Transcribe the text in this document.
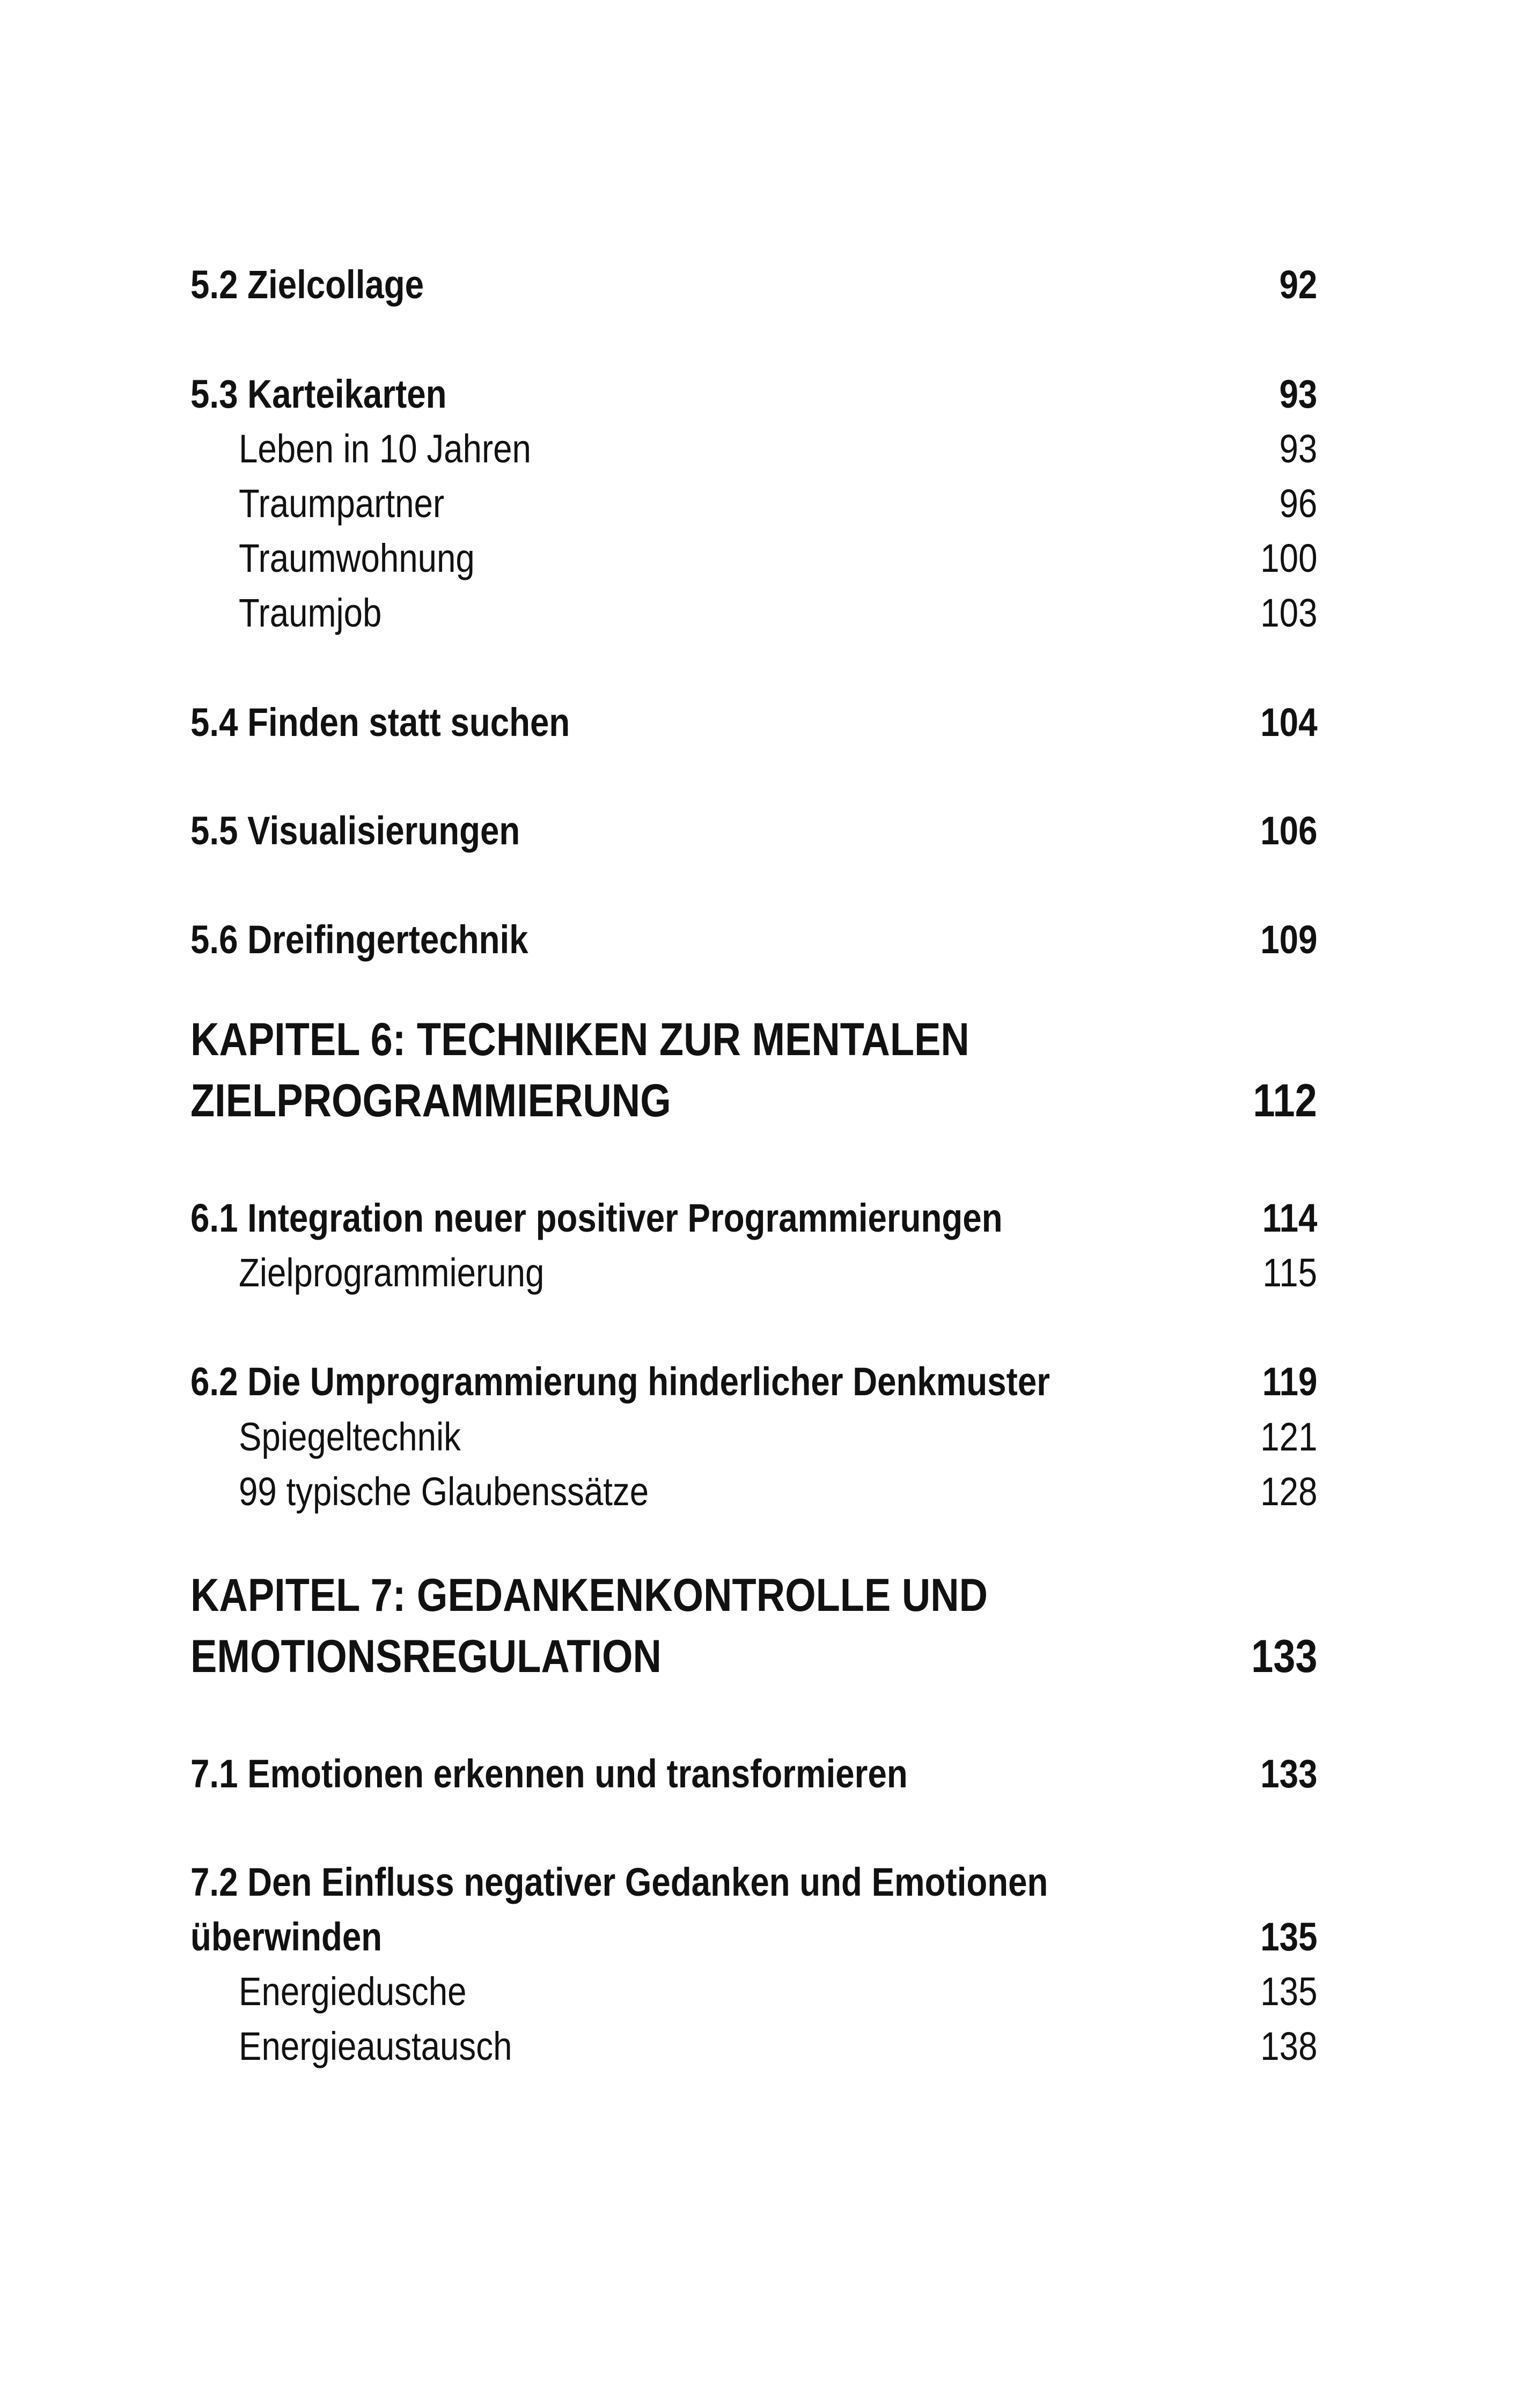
5.2 Zielcollage	92
5.3 Karteikarten	93
Leben in 10 Jahren	93
Traumpartner	96
Traumwohnung	100
Traumjob	103
5.4 Finden statt suchen	104
5.5 Visualisierungen	106
5.6 Dreifingertechnik	109
KAPITEL 6: TECHNIKEN ZUR MENTALEN
ZIELPROGRAMMIERUNG	112
6.1 Integration neuer positiver Programmierungen	114
Zielprogrammierung	115
6.2 Die Umprogrammierung hinderlicher Denkmuster	119
Spiegeltechnik	121
99 typische Glaubenssätze	128
KAPITEL 7: GEDANKENKONTROLLE UND
EMOTIONSREGULATION	133
7.1 Emotionen erkennen und transformieren	133
7.2 Den Einfluss negativer Gedanken und Emotionen
überwinden	135
Energiedusche	135
Energieaustausch	138
